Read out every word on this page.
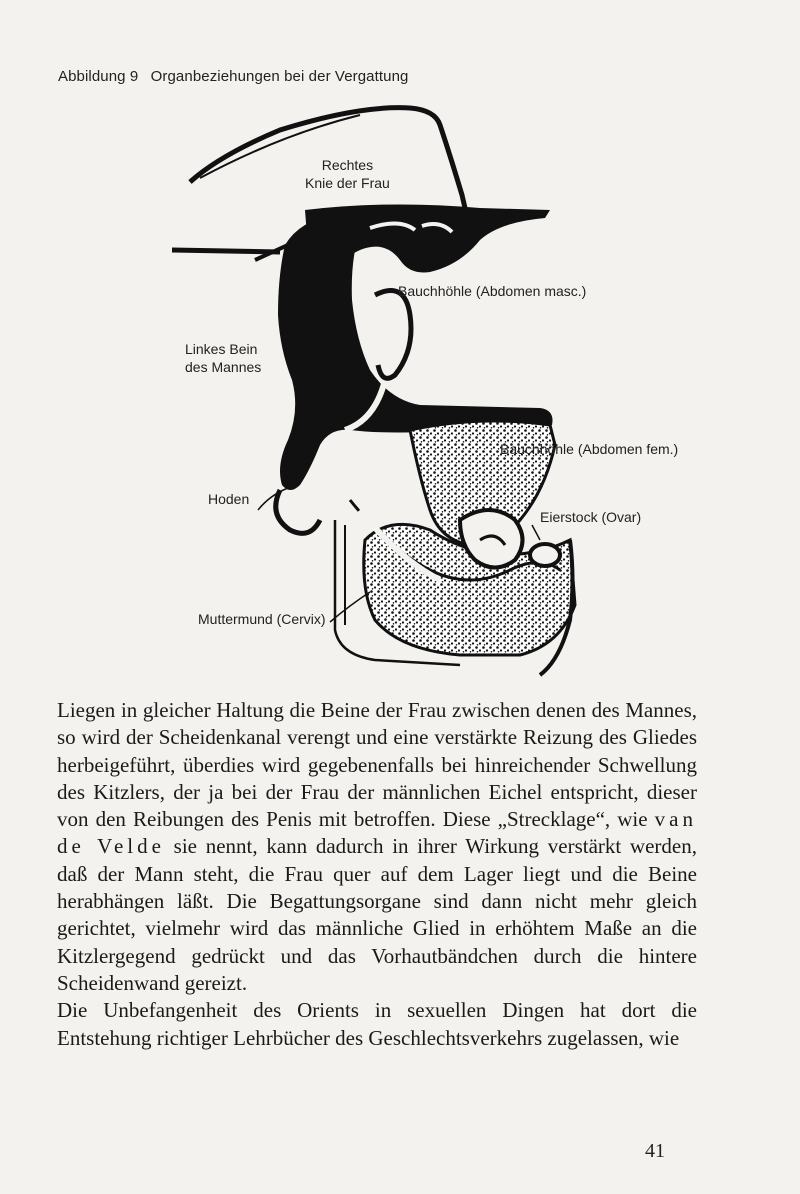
Abbildung 9 Organbeziehungen bei der Vergattung
Rechtes
Knie der Frau
Bauchhöhle (Abdomen masc.)
Linkes Bein
des Mannes
Bauchhöhle (Abdomen fem.)
Hoden
Eierstock (Ovar)
Muttermund (Cervix)

Liegen in gleicher Haltung die Beine der Frau zwischen denen des Mannes, so wird der Scheidenkanal verengt und eine verstärkte Reizung des Gliedes herbeigeführt, überdies wird gegebenenfalls bei hinreichender Schwellung des Kitzlers, der ja bei der Frau der männlichen Eichel entspricht, dieser von den Reibungen des Penis mit betroffen. Diese „Strecklage“, wie van de Velde sie nennt, kann dadurch in ihrer Wirkung verstärkt werden, daß der Mann steht, die Frau quer auf dem Lager liegt und die Beine herabhängen läßt. Die Begattungsorgane sind dann nicht mehr gleich gerichtet, vielmehr wird das männliche Glied in erhöhtem Maße an die Kitzlergegend gedrückt und das Vorhautbändchen durch die hintere Scheidenwand gereizt.

Die Unbefangenheit des Orients in sexuellen Dingen hat dort die Entstehung richtiger Lehrbücher des Geschlechtsverkehrs zugelassen, wie

41
